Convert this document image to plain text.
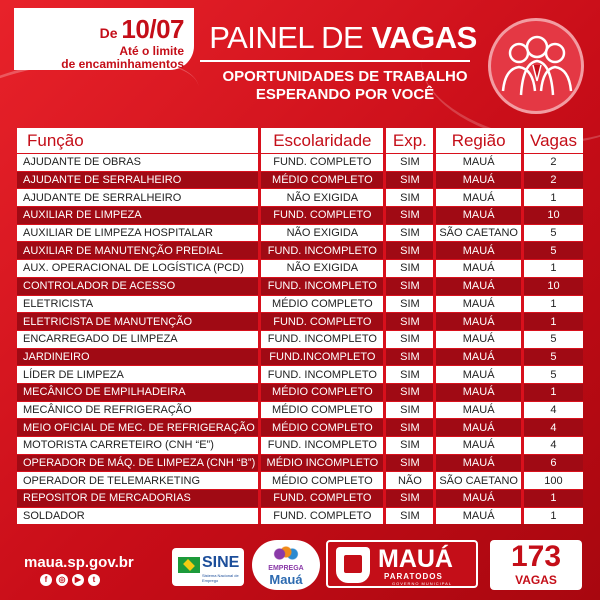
De 10/07
Até o limite
de encaminhamentos
PAINEL DE VAGAS
OPORTUNIDADES DE TRABALHO
ESPERANDO POR VOCÊ
Função	Escolaridade	Exp.	Região	Vagas
AJUDANTE DE OBRAS	FUND. COMPLETO	SIM	MAUÁ	2
AJUDANTE DE SERRALHEIRO	MÉDIO COMPLETO	SIM	MAUÁ	2
AJUDANTE DE SERRALHEIRO	NÃO EXIGIDA	SIM	MAUÁ	1
AUXILIAR DE LIMPEZA	FUND. COMPLETO	SIM	MAUÁ	10
AUXILIAR DE LIMPEZA HOSPITALAR	NÃO EXIGIDA	SIM	SÃO CAETANO	5
AUXILIAR DE MANUTENÇÃO PREDIAL	FUND. INCOMPLETO	SIM	MAUÁ	5
AUX. OPERACIONAL DE LOGÍSTICA (PCD)	NÃO EXIGIDA	SIM	MAUÁ	1
CONTROLADOR DE ACESSO	FUND. INCOMPLETO	SIM	MAUÁ	10
ELETRICISTA	MÉDIO COMPLETO	SIM	MAUÁ	1
ELETRICISTA DE MANUTENÇÃO	FUND. COMPLETO	SIM	MAUÁ	1
ENCARREGADO DE LIMPEZA	FUND. INCOMPLETO	SIM	MAUÁ	5
JARDINEIRO	FUND.INCOMPLETO	SIM	MAUÁ	5
LÍDER DE LIMPEZA	FUND. INCOMPLETO	SIM	MAUÁ	5
MECÂNICO DE EMPILHADEIRA	MÉDIO COMPLETO	SIM	MAUÁ	1
MECÂNICO DE REFRIGERAÇÃO	MÉDIO COMPLETO	SIM	MAUÁ	4
MEIO OFICIAL DE MEC. DE REFRIGERAÇÃO	MÉDIO COMPLETO	SIM	MAUÁ	4
MOTORISTA CARRETEIRO (CNH “E”)	FUND. INCOMPLETO	SIM	MAUÁ	4
OPERADOR DE MÁQ. DE LIMPEZA (CNH “B”)	MÉDIO INCOMPLETO	SIM	MAUÁ	6
OPERADOR DE TELEMARKETING	MÉDIO COMPLETO	NÃO	SÃO CAETANO	100
REPOSITOR DE MERCADORIAS	FUND. COMPLETO	SIM	MAUÁ	1
SOLDADOR	FUND. COMPLETO	SIM	MAUÁ	1
maua.sp.gov.br
f	◎	▶	t
SINE
Sistema Nacional de Emprego
EMPREGA
Mauá
MAUÁ
PARATODOS
GOVERNO MUNICIPAL
173
VAGAS
